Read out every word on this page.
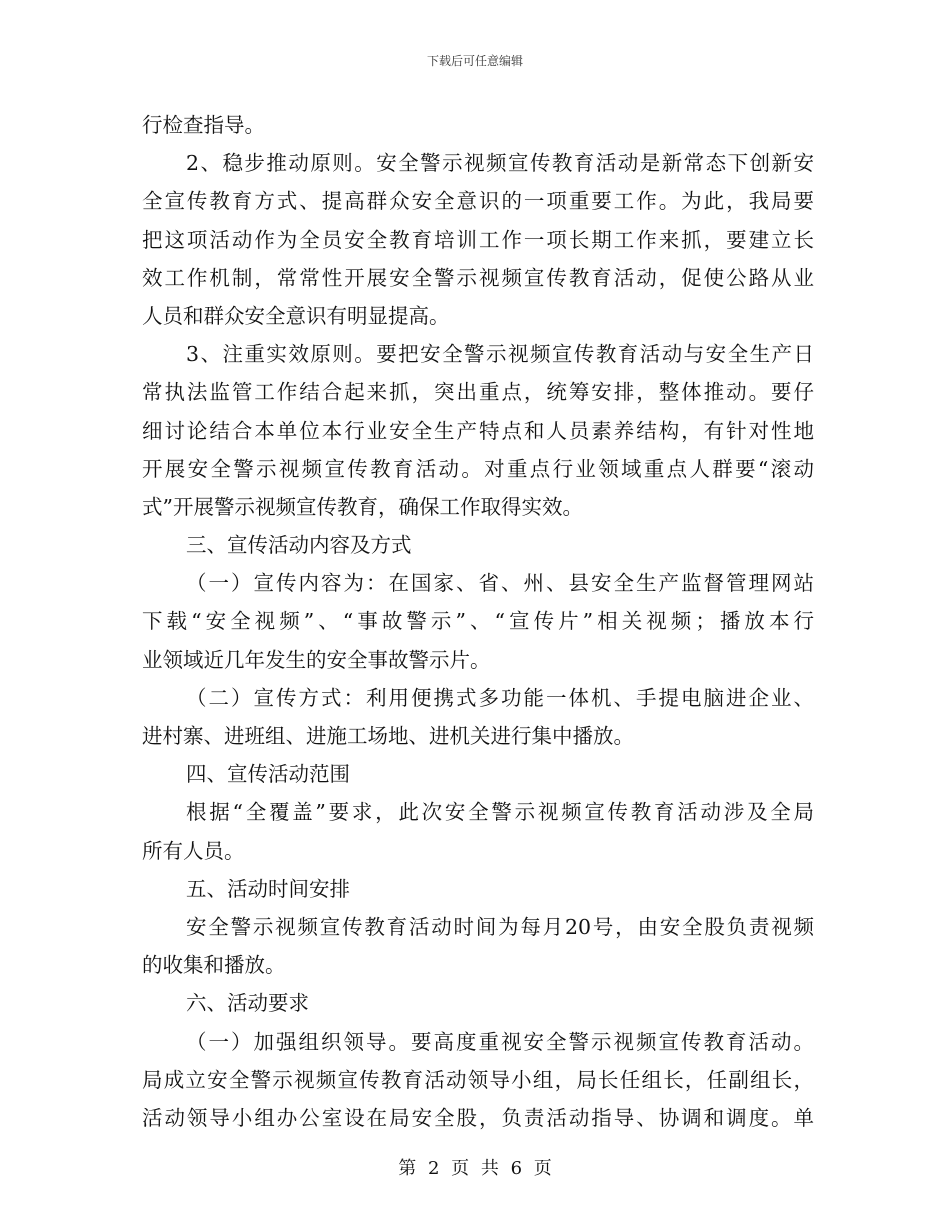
下载后可任意编辑
行检查指导。
2、稳步推动原则。安全警示视频宣传教育活动是新常态下创新安
全宣传教育方式、提高群众安全意识的一项重要工作。为此，我局要
把这项活动作为全员安全教育培训工作一项长期工作来抓，要建立长
效工作机制，常常性开展安全警示视频宣传教育活动，促使公路从业
人员和群众安全意识有明显提高。
3、注重实效原则。要把安全警示视频宣传教育活动与安全生产日
常执法监管工作结合起来抓，突出重点，统筹安排，整体推动。要仔
细讨论结合本单位本行业安全生产特点和人员素养结构，有针对性地
开展安全警示视频宣传教育活动。对重点行业领域重点人群要“滚动
式”开展警示视频宣传教育，确保工作取得实效。
三、宣传活动内容及方式
（一）宣传内容为：在国家、省、州、县安全生产监督管理网站
下载“安全视频”、“事故警示”、“宣传片”相关视频；播放本行
业领域近几年发生的安全事故警示片。
（二）宣传方式：利用便携式多功能一体机、手提电脑进企业、
进村寨、进班组、进施工场地、进机关进行集中播放。
四、宣传活动范围
根据“全覆盖”要求，此次安全警示视频宣传教育活动涉及全局
所有人员。
五、活动时间安排
安全警示视频宣传教育活动时间为每月20号，由安全股负责视频
的收集和播放。
六、活动要求
（一）加强组织领导。要高度重视安全警示视频宣传教育活动。
局成立安全警示视频宣传教育活动领导小组，局长任组长，任副组长，
活动领导小组办公室设在局安全股，负责活动指导、协调和调度。单
第 2 页 共 6 页
